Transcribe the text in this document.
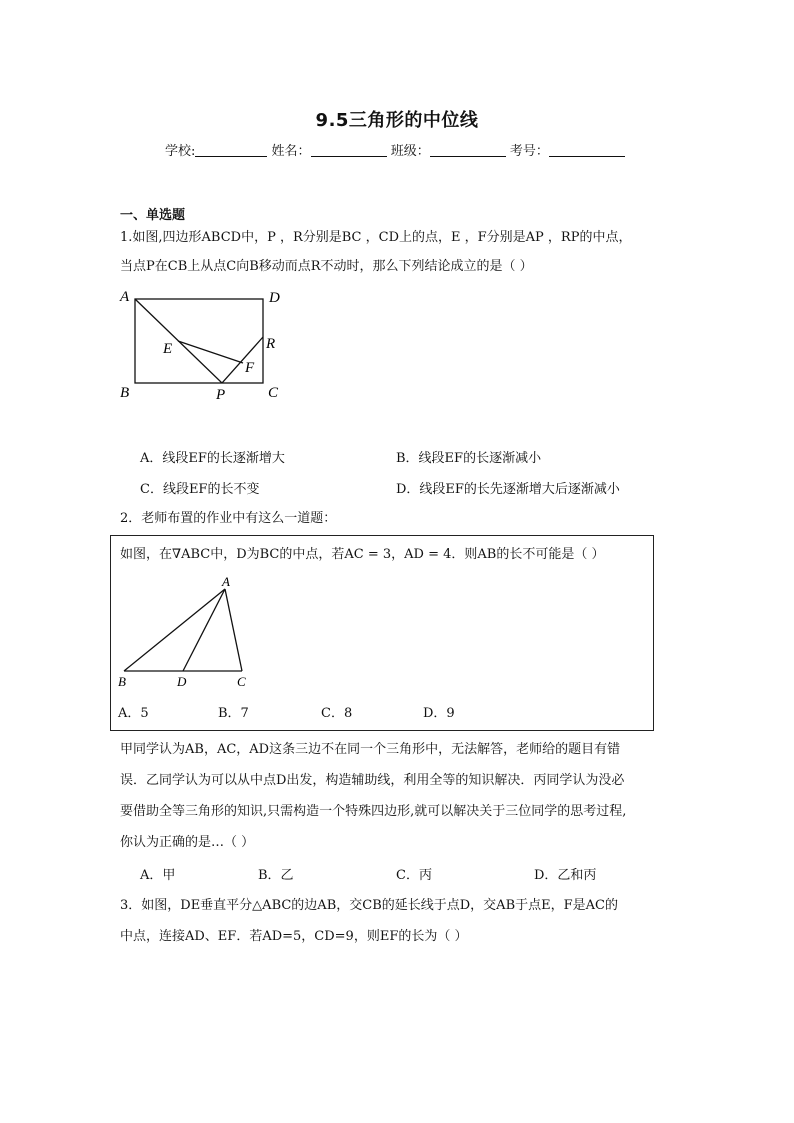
9.5三角形的中位线
学校:	姓名：	班级：	考号：
一、单选题
1.如图,四边形ABCD中，P ，R分别是BC ，CD上的点，E ，F分别是AP ，RP的中点，
当点P在CB上从点C向B移动而点R不动时，那么下列结论成立的是（ ）
A	D
E	R
F
B	P	C
A．线段EF的长逐渐增大	B．线段EF的长逐渐减小
C．线段EF的长不变	D．线段EF的长先逐渐增大后逐渐减小
2．老师布置的作业中有这么一道题：
如图，在∇ABC中，D为BC的中点，若AC = 3，AD = 4．则AB的长不可能是（ ）
A
B	D	C
A．5	B．7	C．8	D．9
甲同学认为AB，AC，AD这条三边不在同一个三角形中，无法解答，老师给的题目有错
误．乙同学认为可以从中点D出发，构造辅助线，利用全等的知识解决．丙同学认为没必
要借助全等三角形的知识,只需构造一个特殊四边形,就可以解决关于三位同学的思考过程,
你认为正确的是…（ ）
A．甲	B．乙	C．丙	D．乙和丙
3．如图，DE垂直平分△ABC的边AB，交CB的延长线于点D，交AB于点E，F是AC的
中点，连接AD、EF．若AD=5，CD=9，则EF的长为（ ）
